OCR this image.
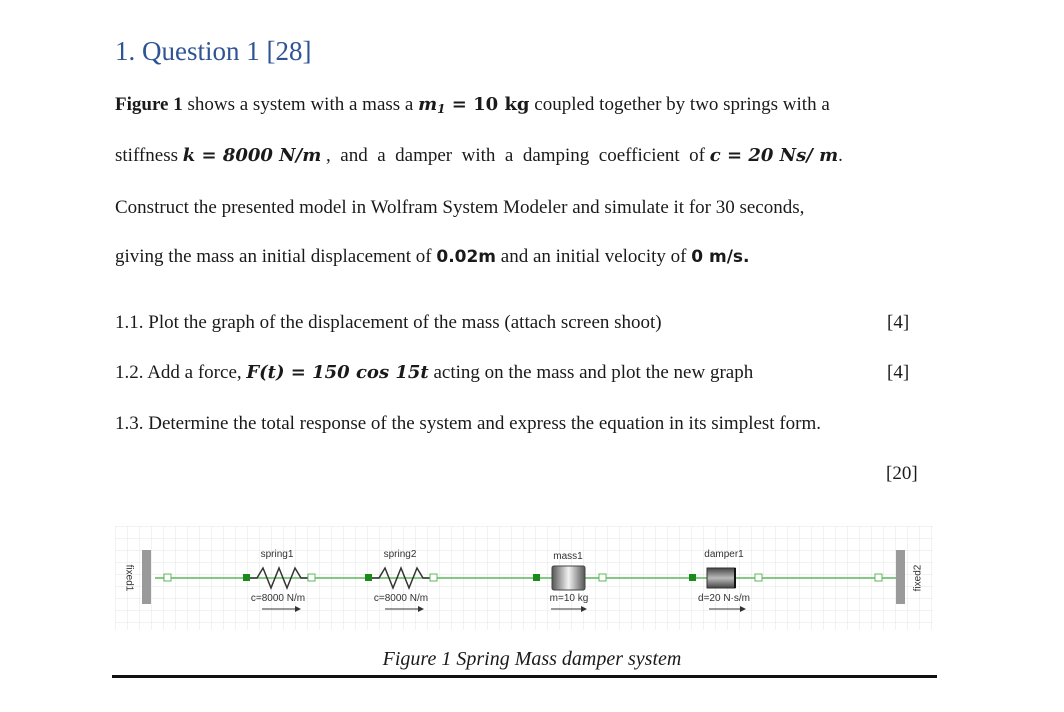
1. Question 1 [28]
Figure 1 shows a system with a mass a $m_1 = 10$ kg coupled together by two springs with a
stiffness k = 8000 N/m ,  and  a  damper  with  a  damping  coefficient  of c = 20 Ns/ m.
Construct the presented model in Wolfram System Modeler and simulate it for 30 seconds,
giving the mass an initial displacement of 0.02m and an initial velocity of 0 m/s.
1.1. Plot the graph of the displacement of the mass (attach screen shoot)	[4]
1.2. Add a force, F(t) = 150 cos 15t acting on the mass and plot the new graph	[4]
1.3. Determine the total response of the system and express the equation in its simplest form.
[20]
fixed1
spring1
c=8000 N/m
spring2
c=8000 N/m
mass1
m=10 kg
damper1
d=20 N·s/m
fixed2
Figure 1 Spring Mass damper system
